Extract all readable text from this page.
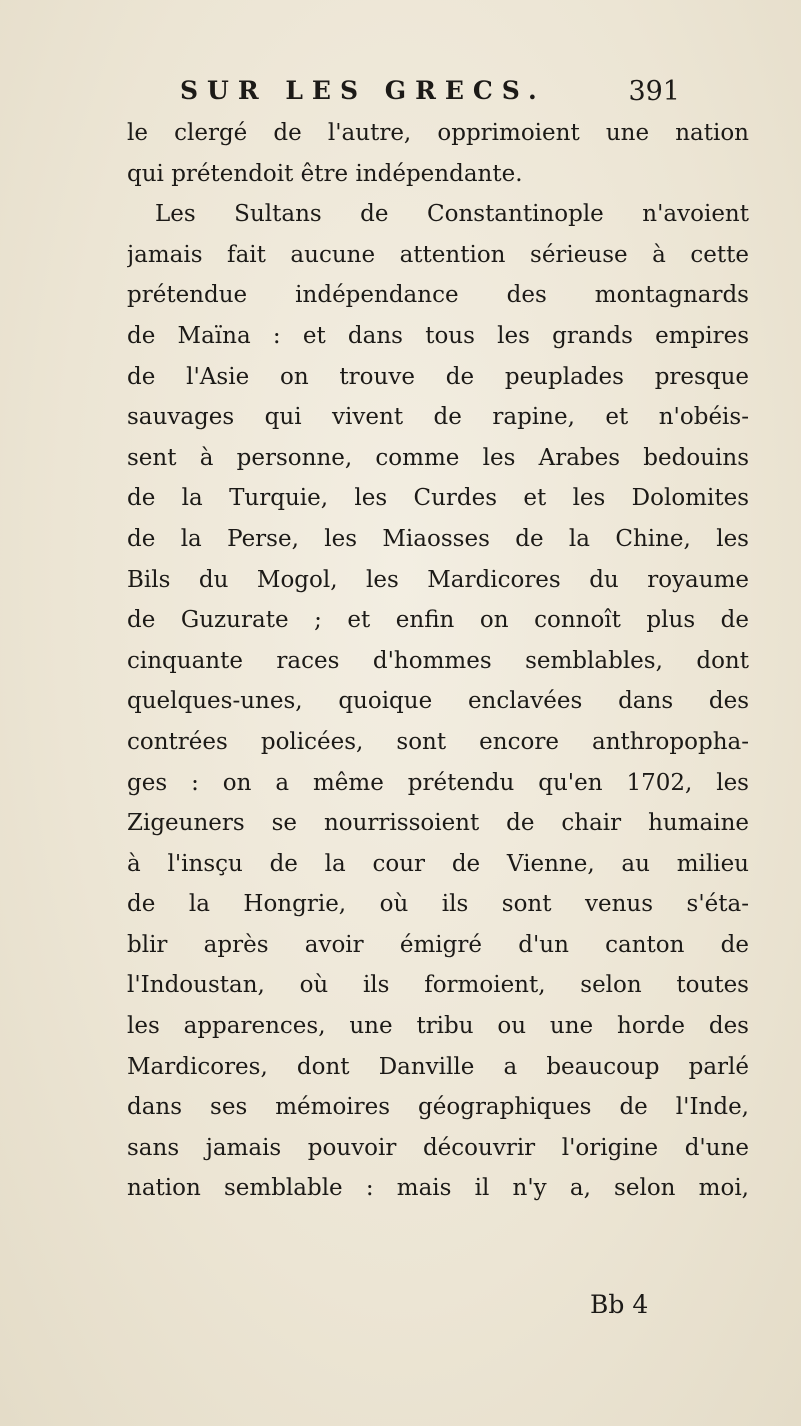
SUR LES GRECS.	391
le clergé de l'autre, opprimoient une nation
qui prétendoit être indépendante.
Les Sultans de Constantinople n'avoient
jamais fait aucune attention sérieuse à cette
prétendue indépendance des montagnards
de Maïna : et dans tous les grands empires
de l'Asie on trouve de peuplades presque
sauvages qui vivent de rapine, et n'obéis-
sent à personne, comme les Arabes bedouins
de la Turquie, les Curdes et les Dolomites
de la Perse, les Miaosses de la Chine, les
Bils du Mogol, les Mardicores du royaume
de Guzurate ; et enfin on connoît plus de
cinquante races d'hommes semblables, dont
quelques-unes, quoique enclavées dans des
contrées policées, sont encore anthropopha-
ges : on a même prétendu qu'en 1702, les
Zigeuners se nourrissoient de chair humaine
à l'insçu de la cour de Vienne, au milieu
de la Hongrie, où ils sont venus s'éta-
blir après avoir émigré d'un canton de
l'Indoustan, où ils formoient, selon toutes
les apparences, une tribu ou une horde des
Mardicores, dont Danville a beaucoup parlé
dans ses mémoires géographiques de l'Inde,
sans jamais pouvoir découvrir l'origine d'une
nation semblable : mais il n'y a, selon moi,
Bb 4
